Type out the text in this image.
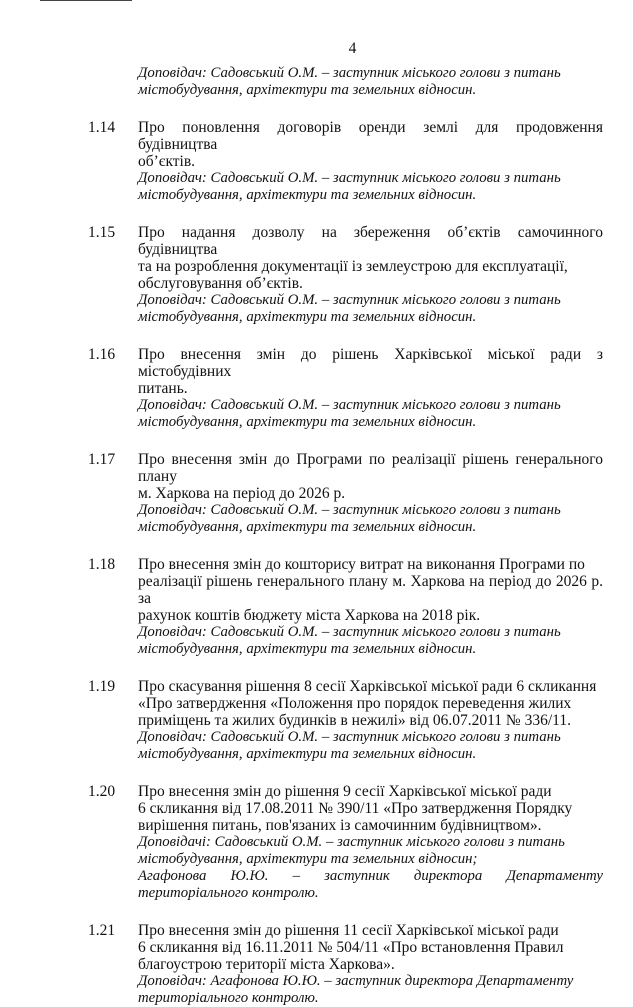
4
Доповідач: Садовський О.М. – заступник міського голови з питань
містобудування, архітектури та земельних відносин.
1.14	Про поновлення договорів оренди землі для продовження будівництва
об’єктів.
Доповідач: Садовський О.М. – заступник міського голови з питань
містобудування, архітектури та земельних відносин.
1.15	Про надання дозволу на збереження об’єктів самочинного будівництва
та на розроблення документації із землеустрою для експлуатації,
обслуговування об’єктів.
Доповідач: Садовський О.М. – заступник міського голови з питань
містобудування, архітектури та земельних відносин.
1.16	Про внесення змін до рішень Харківської міської ради з містобудівних
питань.
Доповідач: Садовський О.М. – заступник міського голови з питань
містобудування, архітектури та земельних відносин.
1.17	Про внесення змін до Програми по реалізації рішень генерального плану
м. Харкова на період до 2026 р.
Доповідач: Садовський О.М. – заступник міського голови з питань
містобудування, архітектури та земельних відносин.
1.18	Про внесення змін до кошторису витрат на виконання Програми по
реалізації рішень генерального плану м. Харкова на період до 2026 р. за
рахунок коштів бюджету міста Харкова на 2018 рік.
Доповідач: Садовський О.М. – заступник міського голови з питань
містобудування, архітектури та земельних відносин.
1.19	Про скасування рішення 8 сесії Харківської міської ради 6 скликання
«Про затвердження «Положення про порядок переведення жилих
приміщень та жилих будинків в нежилі» від 06.07.2011 № 336/11.
Доповідач: Садовський О.М. – заступник міського голови з питань
містобудування, архітектури та земельних відносин.
1.20	Про внесення змін до рішення 9 сесії Харківської міської ради
6 скликання від 17.08.2011 № 390/11 «Про затвердження Порядку
вирішення питань, пов'язаних із самочинним будівництвом».
Доповідачі: Садовський О.М. – заступник міського голови з питань
містобудування, архітектури та земельних відносин;
Агафонова Ю.Ю. – заступник директора Департаменту
територіального контролю.
1.21	Про внесення змін до рішення 11 сесії Харківської міської ради
6 скликання від 16.11.2011 № 504/11 «Про встановлення Правил
благоустрою території міста Харкова».
Доповідач: Агафонова Ю.Ю. – заступник директора Департаменту
територіального контролю.
